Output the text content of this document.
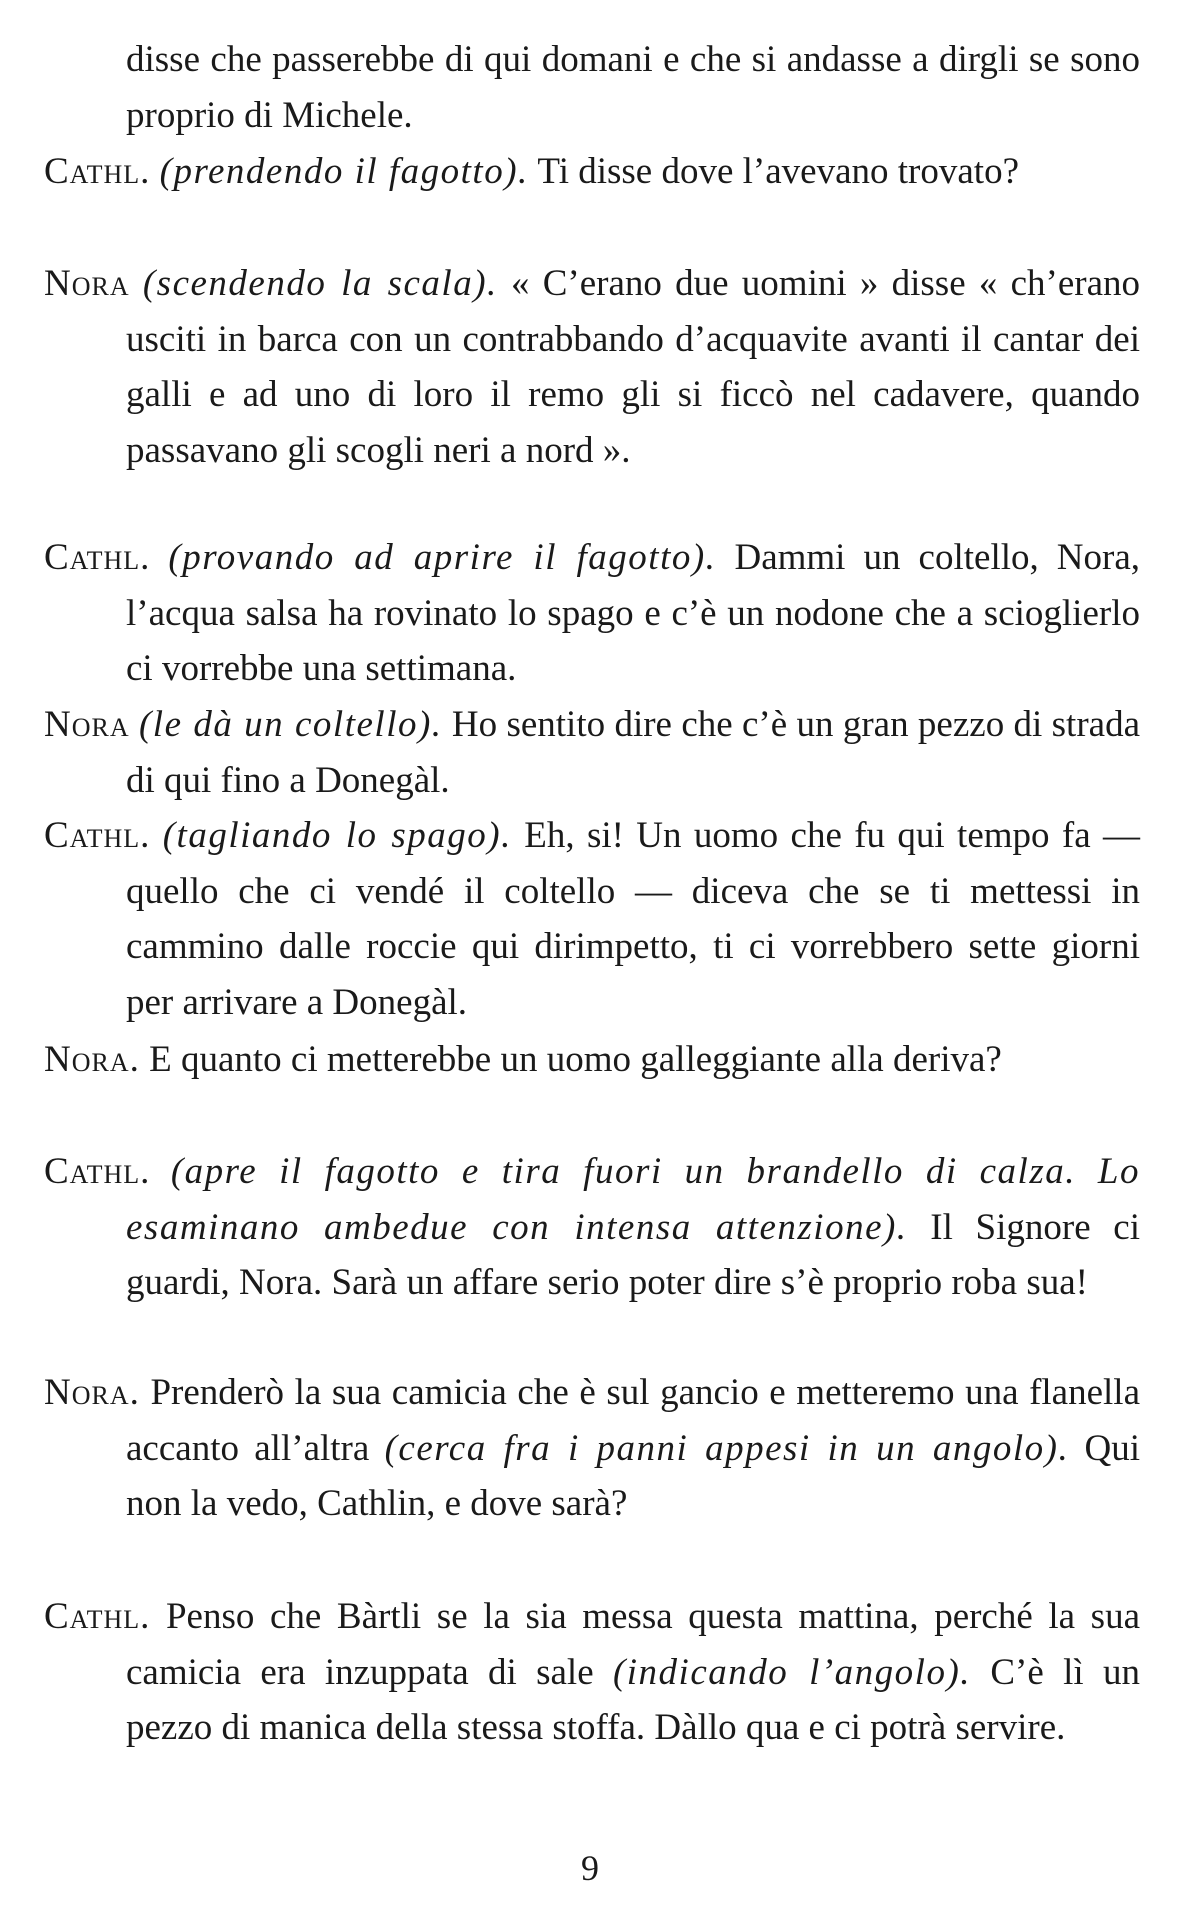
disse che passerebbe di qui domani e che si andasse a dirgli se sono proprio di Michele.
Cathl. (prendendo il fagotto). Ti disse dove l’avevano trovato?
Nora (scendendo la scala). « C’erano due uomini » disse « ch’erano usciti in barca con un contrabbando d’acquavite avanti il cantar dei galli e ad uno di loro il remo gli si ficcò nel cadavere, quando passavano gli scogli neri a nord ».
Cathl. (provando ad aprire il fagotto). Dammi un coltello, Nora, l’acqua salsa ha rovinato lo spago e c’è un nodone che a scioglierlo ci vorrebbe una settimana.
Nora (le dà un coltello). Ho sentito dire che c’è un gran pezzo di strada di qui fino a Donegàl.
Cathl. (tagliando lo spago). Eh, si! Un uomo che fu qui tempo fa — quello che ci vendé il coltello — diceva che se ti mettessi in cammino dalle roccie qui dirimpetto, ti ci vorrebbero sette giorni per arrivare a Donegàl.
Nora. E quanto ci metterebbe un uomo galleggiante alla deriva?
Cathl. (apre il fagotto e tira fuori un brandello di calza. Lo esaminano ambedue con intensa attenzione). Il Signore ci guardi, Nora. Sarà un affare serio poter dire s’è proprio roba sua!
Nora. Prenderò la sua camicia che è sul gancio e metteremo una flanella accanto all’altra (cerca fra i panni appesi in un angolo). Qui non la vedo, Cathlin, e dove sarà?
Cathl. Penso che Bàrtli se la sia messa questa mattina, perché la sua camicia era inzuppata di sale (indicando l’angolo). C’è lì un pezzo di manica della stessa stoffa. Dàllo qua e ci potrà servire.
9
